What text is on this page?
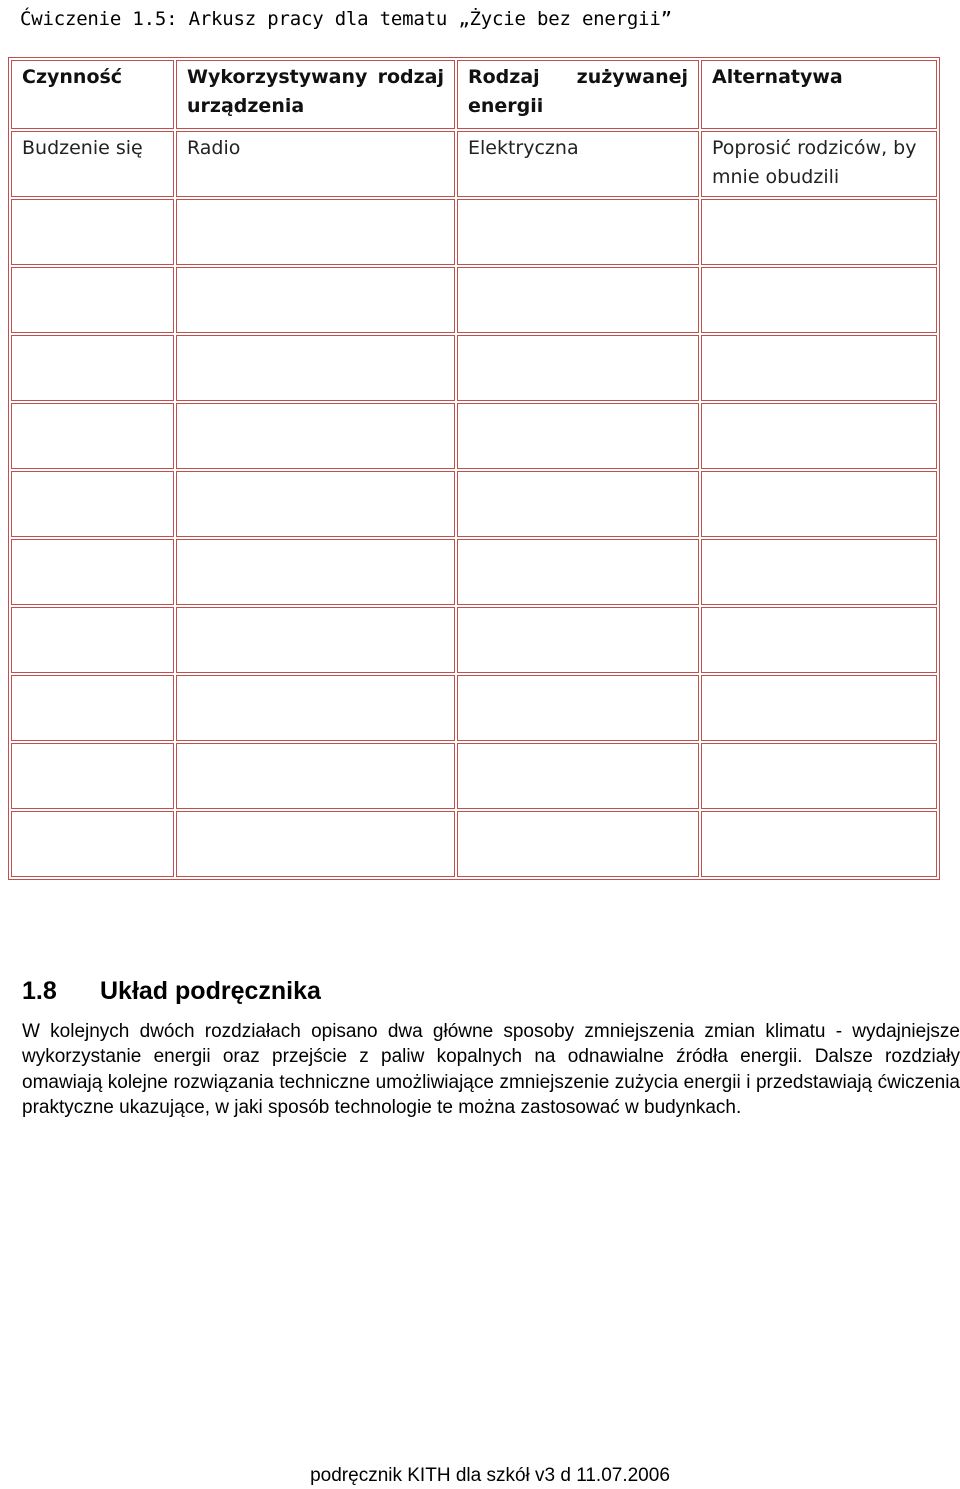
Ćwiczenie 1.5: Arkusz pracy dla tematu „Życie bez energii”
Czynność	Wykorzystywany rodzaj urządzenia	Rodzaj zużywanej energii	Alternatywa
Budzenie się	Radio	Elektryczna	Poprosić rodziców, by mnie obudzili

1.8 Układ podręcznika

W kolejnych dwóch rozdziałach opisano dwa główne sposoby zmniejszenia zmian klimatu - wydajniejsze wykorzystanie energii oraz przejście z paliw kopalnych na odnawialne źródła energii. Dalsze rozdziały omawiają kolejne rozwiązania techniczne umożliwiające zmniejszenie zużycia energii i przedstawiają ćwiczenia praktyczne ukazujące, w jaki sposób technologie te można zastosować w budynkach.

podręcznik KITH dla szkół v3 d 11.07.2006
